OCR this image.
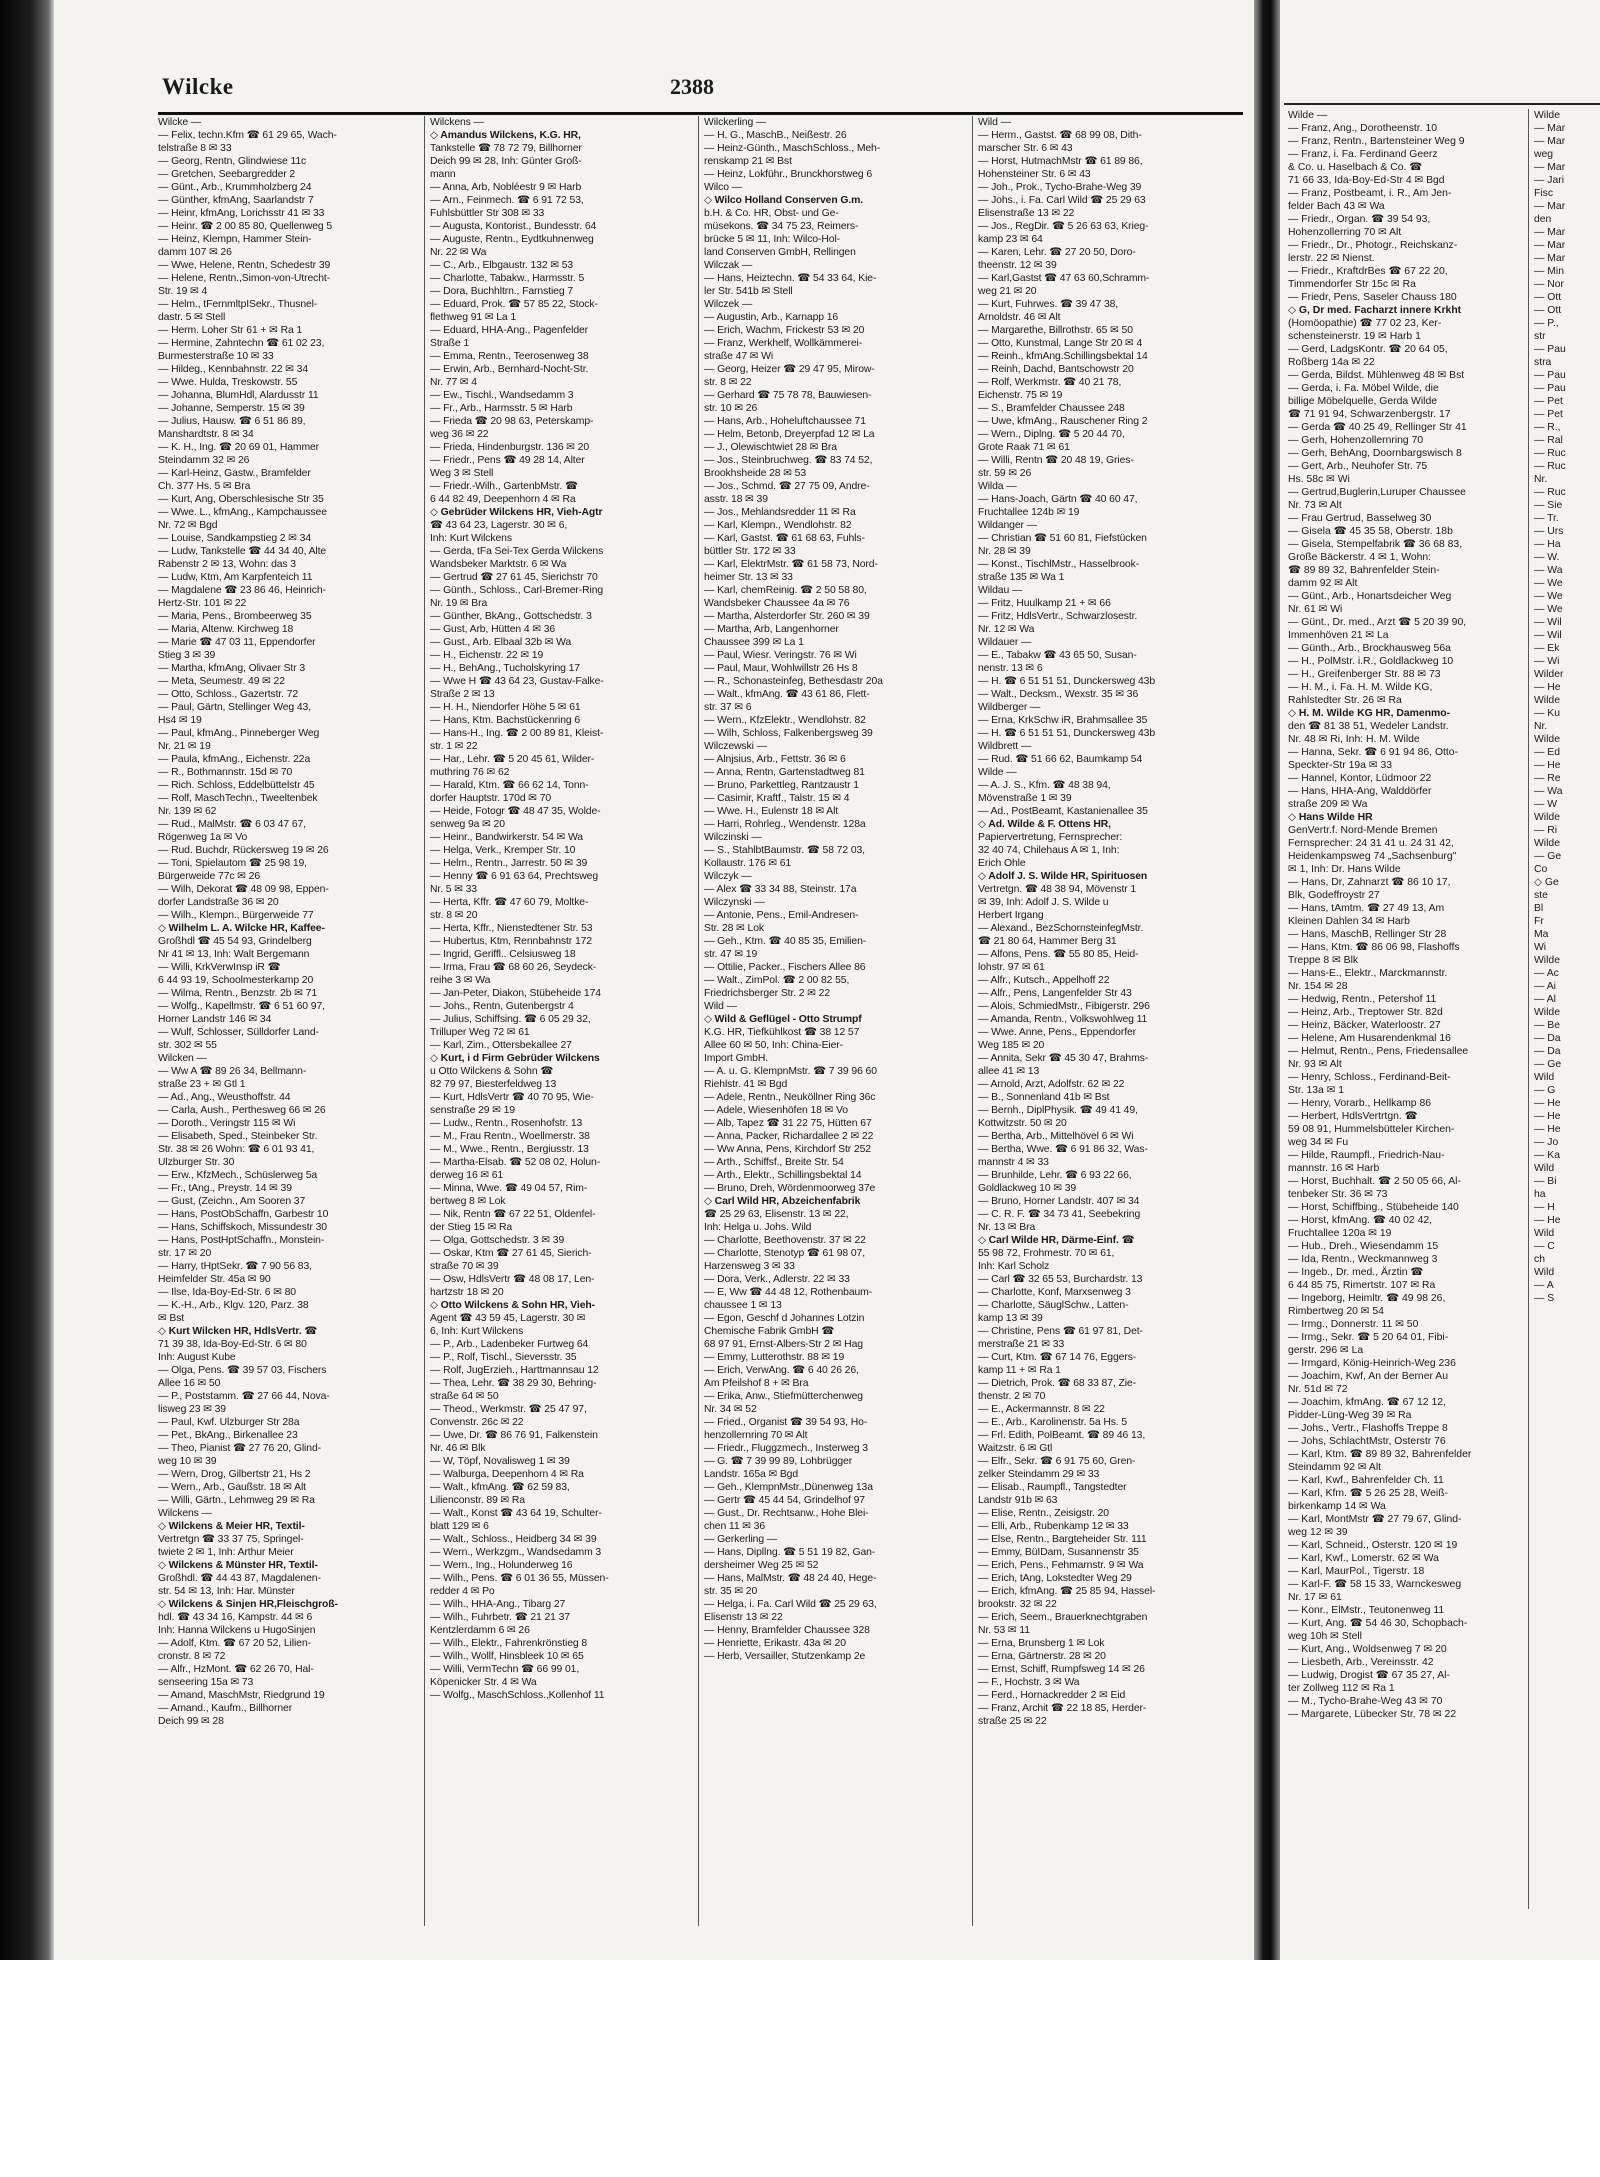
Wilcke	2388
Wilcke —
— Feliх, techn.Kfm ☎ 61 29 65, Wach-
telstraße 8 ✉ 33
— Georg, Rentn, Glindwiese 11c
— Gretchen, Seebargredder 2
— Günt., Arb., Krummholzberg 24
— Günther, kfmAng, Saarlandstr 7
— Heinr, kfmAng, Lorichsstr 41 ✉ 33
— Heinr. ☎ 2 00 85 80, Quellenweg 5
— Heinz, Klempn, Hammer Stein-
damm 107 ✉ 26
— Wwe, Helene, Rentn, Schedestr 39
— Helene, Rentn.,Simon-von-Utrecht-
Str. 19 ✉ 4
— Helm., tFernmltpISekr., Thusnel-
dastr. 5 ✉ Stell
— Herm. Loher Str 61 + ✉ Ra 1
— Hermine, Zahntechn ☎ 61 02 23,
Burmesterstraße 10 ✉ 33
— Hildeg., Kennbahnstr. 22 ✉ 34
— Wwe. Hulda, Treskowstr. 55
— Johanna, BlumHdl, Alardusstr 11
— Johanne, Semperstr. 15 ✉ 39
— Julius, Hausw. ☎ 6 51 86 89,
Manshardtstr. 8 ✉ 34
— K. H., Ing. ☎ 20 69 01, Hammer
Steindamm 32 ✉ 26
— Karl-Heinz, Gastw., Bramfelder
Ch. 377 Hs. 5 ✉ Bra
— Kurt, Ang, Oberschlesische Str 35
— Wwe. L., kfmAng., Kampchaussee
Nr. 72 ✉ Bgd
— Louise, Sandkampstieg 2 ✉ 34
— Ludw, Tankstelle ☎ 44 34 40, Alte
Rabenstr 2 ✉ 13, Wohn: das 3
— Ludw, Ktm, Am Karpfenteich 11
— Magdalene ☎ 23 86 46, Heinrich-
Hertz-Str. 101 ✉ 22
— Maria, Pens., Brombeerweg 35
— Maria, Altenw. Kirchweg 18
— Marie ☎ 47 03 11, Eppendorfer
Stieg 3 ✉ 39
— Martha, kfmAng, Olivaer Str 3
— Meta, Seumestr. 49 ✉ 22
— Otto, Schloss., Gazertstr. 72
— Paul, Gärtn, Stellinger Weg 43,
Hs4 ✉ 19
— Paul, kfmAng., Pinneberger Weg
Nr. 21 ✉ 19
— Paula, kfmAng., Eichenstr. 22a
— R., Bothmannstr. 15d ✉ 70
— Rich. Schloss, Eddelbüttelstr 45
— Rolf, MaschTechn., Tweeltenbek
Nr. 139 ✉ 62
— Rud., MalMstr. ☎ 6 03 47 67,
Rögenweg 1a ✉ Vo
— Rud. Buchdr, Rückersweg 19 ✉ 26
— Toni, Spielautom ☎ 25 98 19,
Bürgerweide 77c ✉ 26
— Wilh, Dekorat ☎ 48 09 98, Eppen-
dorfer Landstraße 36 ✉ 20
— Wilh., Klempn., Bürgerweide 77
◇ Wilhelm L. A. Wilcke HR, Kaffee-
Großhdl ☎ 45 54 93, Grindelberg
Nr 41 ✉ 13, Inh: Walt Bergemann
— Willi, KrkVerwInsp iR ☎
6 44 93 19, Schoolmesterkamp 20
— Wilma, Rentn., Benzstr. 2b ✉ 71
— Wolfg., Kapellmstr. ☎ 6 51 60 97,
Horner Landstr 146 ✉ 34
— Wulf, Schlosser, Sülldorfer Land-
str. 302 ✉ 55
Wilcken —
— Ww A ☎ 89 26 34, Bellmann-
straße 23 + ✉ Gtl 1
— Ad., Ang., Weusthoffstr. 44
— Carla, Aush., Perthesweg 66 ✉ 26
— Doroth., Veringstr 115 ✉ Wi
— Elisabeth, Sped., Steinbeker Str.
Str. 38 ✉ 26 Wohn: ☎ 6 01 93 41,
Ulzburger Str. 30
— Erw., KfzMech., Schüslerweg 5a
— Fr., tAng., Preystr. 14 ✉ 39
— Gust, (Zeichn., Am Sooren 37
— Hans, PostObSchaffn, Garbestr 10
— Hans, Schiffskoch, Missundestr 30
— Hans, PostHptSchaffn., Monstein-
str. 17 ✉ 20
— Harry, tHptSekr. ☎ 7 90 56 83,
Heimfelder Str. 45a ✉ 90
— Ilse, Ida-Boy-Ed-Str. 6 ✉ 80
— K.-H., Arb., Klgv. 120, Parz. 38
✉ Bst
◇ Kurt Wilcken HR, HdlsVertr. ☎
71 39 38, Ida-Boy-Ed-Str. 6 ✉ 80
Inh: August Kube
— Olga, Pens. ☎ 39 57 03, Fischers
Allee 16 ✉ 50
— P., Poststamm. ☎ 27 66 44, Nova-
lisweg 23 ✉ 39
— Paul, Kwf. Ulzburger Str 28a
— Pet., BkAng., Birkenallee 23
— Theo, Pianist ☎ 27 76 20, Glind-
weg 10 ✉ 39
— Wern, Drog, Gilbertstr 21, Hs 2
— Wern., Arb., Gaußstr. 18 ✉ Alt
— Willi, Gärtn., Lehmweg 29 ✉ Ra
Wilckens —
◇ Wilckens & Meier HR, Textil-
Vertretgn ☎ 33 37 75, Springel-
twiete 2 ✉ 1, Inh: Arthur Meier
◇ Wilckens & Münster HR, Textil-
Großhdl. ☎ 44 43 87, Magdalenen-
str. 54 ✉ 13, Inh: Har. Münster
◇ Wilckens & Sinjen HR,Fleischgroß-
hdl. ☎ 43 34 16, Kampstr. 44 ✉ 6
Inh: Hanna Wilckens u HugoSinjen
— Adolf, Ktm. ☎ 67 20 52, Lilien-
cronstr. 8 ✉ 72
— Alfr., HzMont. ☎ 62 26 70, Hal-
senseering 15a ✉ 73
— Amand, MaschMstr, Riedgrund 19
— Amand., Kaufm., Billhorner
Deich 99 ✉ 28
Wilckens —
◇ Amandus Wilckens, K.G. HR,
Tankstelle ☎ 78 72 79, Billhorner
Deich 99 ✉ 28, Inh: Günter Groß-
mann
— Anna, Arb, Nobléestr 9 ✉ Harb
— Arn., Feinmech. ☎ 6 91 72 53,
Fuhlsbüttler Str 308 ✉ 33
— Augusta, Kontorist., Bundesstr. 64
— Auguste, Rentn., Eydtkuhnenweg
Nr. 22 ✉ Wa
— C., Arb., Elbgaustr. 132 ✉ 53
— Charlotte, Tabakw., Harmsstr. 5
— Dora, Buchhltrn., Farnstieg 7
— Eduard, Prok. ☎ 57 85 22, Stock-
flethweg 91 ✉ La 1
— Eduard, HHA-Ang., Pagenfelder
Straße 1
— Emma, Rentn., Teerosenweg 38
— Erwin, Arb., Bernhard-Nocht-Str.
Nr. 77 ✉ 4
— Ew., Tischl., Wandsedamm 3
— Fr., Arb., Harmsstr. 5 ✉ Harb
— Frieda ☎ 20 98 63, Peterskamp-
weg 36 ✉ 22
— Frieda, Hindenburgstr. 136 ✉ 20
— Friedr., Pens ☎ 49 28 14, Alter
Weg 3 ✉ Stell
— Friedr.-Wilh., GartenbMstr. ☎
6 44 82 49, Deepenhorn 4 ✉ Ra
◇ Gebrüder Wilckens HR, Vieh-Agtr
☎ 43 64 23, Lagerstr. 30 ✉ 6,
Inh: Kurt Wilckens
— Gerda, tFa Sei-Tex Gerda Wilckens
Wandsbeker Marktstr. 6 ✉ Wa
— Gertrud ☎ 27 61 45, Sierichstr 70
— Günth., Schloss., Carl-Bremer-Ring
Nr. 19 ✉ Bra
— Günther, BkAng., Gottschedstr. 3
— Gust, Arb, Hütten 4 ✉ 36
— Gust., Arb. Elbaal 32b ✉ Wa
— H., Eichenstr. 22 ✉ 19
— H., BehAng., Tucholskyring 17
— Wwe H ☎ 43 64 23, Gustav-Falke-
Straße 2 ✉ 13
— H. H., Niendorfer Höhe 5 ✉ 61
— Hans, Ktm. Bachstückenring 6
— Hans-H., Ing. ☎ 2 00 89 81, Kleist-
str. 1 ✉ 22
— Har., Lehr. ☎ 5 20 45 61, Wilder-
muthring 76 ✉ 62
— Harald, Ktm. ☎ 66 62 14, Tonn-
dorfer Hauptstr. 170d ✉ 70
— Heide, Fotogr ☎ 48 47 35, Wolde-
senweg 9a ✉ 20
— Heinr., Bandwirkerstr. 54 ✉ Wa
— Helga, Verk., Kremper Str. 10
— Helm., Rentn., Jarrestr. 50 ✉ 39
— Henny ☎ 6 91 63 64, Prechtsweg
Nr. 5 ✉ 33
— Herta, Kffr. ☎ 47 60 79, Moltke-
str. 8 ✉ 20
— Herta, Kffr., Nienstedtener Str. 53
— Hubertus, Ktm, Rennbahnstr 172
— Ingrid, Geriffl.. Celsiusweg 18
— Irma, Frau ☎ 68 60 26, Seydeck-
reihe 3 ✉ Wa
— Jan-Peter, Diakon, Stübeheide 174
— Johs., Rentn, Gutenbergstr 4
— Julius, Schiffsing. ☎ 6 05 29 32,
Trilluper Weg 72 ✉ 61
— Karl, Zim., Ottersbekallee 27
◇ Kurt, i d Firm Gebrüder Wilckens
u Otto Wilckens & Sohn ☎
82 79 97, Biesterfeldweg 13
— Kurt, HdlsVertr ☎ 40 70 95, Wie-
senstraße 29 ✉ 19
— Ludw., Rentn., Rosenhofstr. 13
— M., Frau Rentn., Woellmerstr. 38
— M., Wwe., Rentn., Bergiusstr. 13
— Martha-Elsab. ☎ 52 08 02, Holun-
derweg 16 ✉ 61
— Minna, Wwe. ☎ 49 04 57, Rim-
bertweg 8 ✉ Lok
— Nik, Rentn ☎ 67 22 51, Oldenfel-
der Stieg 15 ✉ Ra
— Olga, Gottschedstr. 3 ✉ 39
— Oskar, Ktm ☎ 27 61 45, Sierich-
straße 70 ✉ 39
— Osw, HdlsVertr ☎ 48 08 17, Len-
hartzstr 18 ✉ 20
◇ Otto Wilckens & Sohn HR, Vieh-
Agent ☎ 43 59 45, Lagerstr. 30 ✉
6, Inh: Kurt Wilckens
— P., Arb., Ladenbeker Furtweg 64
— P., Rolf, Tischl., Sieversstr. 35
— Rolf, JugErzieh., Harttmannsau 12
— Thea, Lehr. ☎ 38 29 30, Behring-
straße 64 ✉ 50
— Theod., Werkmstr. ☎ 25 47 97,
Convenstr. 26c ✉ 22
— Uwe, Dr. ☎ 86 76 91, Falkenstein
Nr. 46 ✉ Blk
— W, Töpf, Novalisweg 1 ✉ 39
— Walburga, Deepenhorn 4 ✉ Ra
— Walt., kfmAng. ☎ 62 59 83,
Lilienconstr. 89 ✉ Ra
— Walt., Konst ☎ 43 64 19, Schulter-
blatt 129 ✉ 6
— Walt., Schloss., Heidberg 34 ✉ 39
— Wern., Werkzgm., Wandsedamm 3
— Wern., Ing., Holunderweg 16
— Wilh., Pens. ☎ 6 01 36 55, Müssen-
redder 4 ✉ Po
— Wilh., HHA-Ang., Tibarg 27
— Wilh., Fuhrbetr. ☎ 21 21 37
Kentzlerdamm 6 ✉ 26
— Wilh., Elektr., Fahrenkrönstieg 8
— Wilh., Wollf, Hinsbleek 10 ✉ 65
— Willi, VermTechn ☎ 66 99 01,
Köpenicker Str. 4 ✉ Wa
— Wolfg., MaschSchloss.,Kollenhof 11
Wilckerling —
— H. G., MaschB., Neißestr. 26
— Heinz-Günth., MaschSchloss., Meh-
renskamp 21 ✉ Bst
— Heinz, Lokführ., Brunckhorstweg 6
Wilco —
◇ Wilco Holland Conserven G.m.
b.H. & Co. HR, Obst- und Ge-
müsekons. ☎ 34 75 23, Reimers-
brücke 5 ✉ 11, Inh: Wilco-Hol-
land Conserven GmbH, Rellingen
Wilczak —
— Hans, Heiztechn. ☎ 54 33 64, Kie-
ler Str. 541b ✉ Stell
Wilczek —
— Augustin, Arb., Karnapp 16
— Erich, Wachm, Frickestr 53 ✉ 20
— Franz, Werkhelf, Wollkämmerei-
straße 47 ✉ Wi
— Georg, Heizer ☎ 29 47 95, Mirow-
str. 8 ✉ 22
— Gerhard ☎ 75 78 78, Bauwiesen-
str. 10 ✉ 26
— Hans, Arb., Hoheluftchaussee 71
— Helm, Betonb, Dreyerpfad 12 ✉ La
— J., Olewischtwiet 28 ✉ Bra
— Jos., Steinbruchweg. ☎ 83 74 52,
Brookhsheide 28 ✉ 53
— Jos., Schmd. ☎ 27 75 09, Andre-
asstr. 18 ✉ 39
— Jos., Mehlandsredder 11 ✉ Ra
— Karl, Klempn., Wendlohstr. 82
— Karl, Gastst. ☎ 61 68 63, Fuhls-
büttler Str. 172 ✉ 33
— Karl, ElektrMstr. ☎ 61 58 73, Nord-
heimer Str. 13 ✉ 33
— Karl, chemReinig. ☎ 2 50 58 80,
Wandsbeker Chaussee 4a ✉ 76
— Martha, Alsterdorfer Str. 260 ✉ 39
— Martha, Arb, Langenhorner
Chaussee 399 ✉ La 1
— Paul, Wiesr. Veringstr. 76 ✉ Wi
— Paul, Maur, Wohlwillstr 26 Hs 8
— R., Schonasteinfeg, Bethesdastr 20a
— Walt., kfmAng. ☎ 43 61 86, Flett-
str. 37 ✉ 6
— Wern., KfzElektr., Wendlohstr. 82
— Wilh, Schloss, Falkenbergsweg 39
Wilczewski —
— Alnjsius, Arb., Fettstr. 36 ✉ 6
— Anna, Rentn, Gartenstadtweg 81
— Bruno, Parkettleg, Rantzaustr 1
— Casimir, Kraftf., Talstr. 15 ✉ 4
— Wwe. H., Eulenstr 18 ✉ Alt
— Harri, Rohrleg., Wendenstr. 128a
Wilczinski —
— S., StahlbtBaumstr. ☎ 58 72 03,
Kollaustr. 176 ✉ 61
Wilczyk —
— Alex ☎ 33 34 88, Steinstr. 17a
Wilczynski —
— Antonie, Pens., Emil-Andresen-
Str. 28 ✉ Lok
— Geh., Ktm. ☎ 40 85 35, Emilien-
str. 47 ✉ 19
— Ottilie, Packer., Fischers Allee 86
— Walt., ZimPol. ☎ 2 00 82 55,
Friedrichsberger Str. 2 ✉ 22
Wild —
◇ Wild & Geflügel - Otto Strumpf
K.G. HR, Tiefkühlkost ☎ 38 12 57
Allee 60 ✉ 50, Inh: China-Eier-
Import GmbH.
— A. u. G. KlempnMstr. ☎ 7 39 96 60
Riehlstr. 41 ✉ Bgd
— Adele, Rentn., Neuköllner Ring 36c
— Adele, Wiesenhöfen 18 ✉ Vo
— Alb, Tapez ☎ 31 22 75, Hütten 67
— Anna, Packer, Richardallee 2 ✉ 22
— Ww Anna, Pens, Kirchdorf Str 252
— Arth., Schiffsf., Breite Str. 54
— Arth., Elektr., Schillingsbektal 14
— Bruno, Dreh, Wördenmoorweg 37e
◇ Carl Wild HR, Abzeichenfabrik
☎ 25 29 63, Elisenstr. 13 ✉ 22,
Inh: Helga u. Johs. Wild
— Charlotte, Beethovenstr. 37 ✉ 22
— Charlotte, Stenotyp ☎ 61 98 07,
Harzensweg 3 ✉ 33
— Dora, Verk., Adlerstr. 22 ✉ 33
— E, Ww ☎ 44 48 12, Rothenbaum-
chaussee 1 ✉ 13
— Egon, Geschf d Johannes Lotzin
Chemische Fabrik GmbH ☎
68 97 91, Ernst-Albers-Str 2 ✉ Hag
— Emmy, Lutterothstr. 88 ✉ 19
— Erich, VerwAng. ☎ 6 40 26 26,
Am Pfeilshof 8 + ✉ Bra
— Erika, Anw., Stiefmütterchenweg
Nr. 34 ✉ 52
— Fried., Organist ☎ 39 54 93, Ho-
henzollernring 70 ✉ Alt
— Friedr., Fluggzmech., Insterweg 3
— G. ☎ 7 39 99 89, Lohbrügger
Landstr. 165a ✉ Bgd
— Geh., KlempnMstr.,Dünenweg 13a
— Gertr ☎ 45 44 54, Grindelhof 97
— Gust., Dr. Rechtsanw., Hohe Blei-
chen 11 ✉ 36
— Gerkerling —
— Hans, Dipllng. ☎ 5 51 19 82, Gan-
dersheimer Weg 25 ✉ 52
— Hans, MalMstr. ☎ 48 24 40, Hege-
str. 35 ✉ 20
— Helga, i. Fa. Carl Wild ☎ 25 29 63,
Elisenstr 13 ✉ 22
— Henny, Bramfelder Chaussee 328
— Henriette, Erikastr. 43a ✉ 20
— Herb, Versailler, Stutzenkamp 2e
Wild —
— Herm., Gastst. ☎ 68 99 08, Dith-
marscher Str. 6 ✉ 43
— Horst, HutmachMstr ☎ 61 89 86,
Hohensteiner Str. 6 ✉ 43
— Joh., Prok., Tycho-Brahe-Weg 39
— Johs., i. Fa. Carl Wild ☎ 25 29 63
Elisenstraße 13 ✉ 22
— Jos., RegDir. ☎ 5 26 63 63, Krieg-
kamp 23 ✉ 64
— Karen, Lehr. ☎ 27 20 50, Doro-
theenstr. 12 ✉ 39
— Karl,Gastst ☎ 47 63 60,Schramm-
weg 21 ✉ 20
— Kurt, Fuhrwes. ☎ 39 47 38,
Arnoldstr. 46 ✉ Alt
— Margarethe, Billrothstr. 65 ✉ 50
— Otto, Kunstmal, Lange Str 20 ✉ 4
— Reinh., kfmAng.Schillingsbektal 14
— Reinh, Dachd, Bantschowstr 20
— Rolf, Werkmstr. ☎ 40 21 78,
Eichenstr. 75 ✉ 19
— S., Bramfelder Chaussee 248
— Uwe, kfmAng., Rauschener Ring 2
— Wern., Diplng. ☎ 5 20 44 70,
Grote Raak 71 ✉ 61
— Willi, Rentn ☎ 20 48 19, Gries-
str. 59 ✉ 26
Wilda —
— Hans-Joach, Gärtn ☎ 40 60 47,
Fruchtallee 124b ✉ 19
Wildanger —
— Christian ☎ 51 60 81, Fiefstücken
Nr. 28 ✉ 39
— Konst., TischlMstr., Hasselbrook-
straße 135 ✉ Wa 1
Wildau —
— Fritz, Huulkamp 21 + ✉ 66
— Fritz, HdlsVertr., Schwarzlosestr.
Nr. 12 ✉ Wa
Wildauer —
— E., Tabakw ☎ 43 65 50, Susan-
nenstr. 13 ✉ 6
— H. ☎ 6 51 51 51, Dunckersweg 43b
— Walt., Decksm., Wexstr. 35 ✉ 36
Wildberger —
— Erna, KrkSchw iR, Brahmsallee 35
— H. ☎ 6 51 51 51, Dunckersweg 43b
Wildbrett —
— Rud. ☎ 51 66 62, Baumkamp 54
Wilde —
— A. J. S., Kfm. ☎ 48 38 94,
Mövenstraße 1 ✉ 39
— Ad., PostBeamt, Kastanienallee 35
◇ Ad. Wilde & F. Ottens HR,
Papiervertretung, Fernsprecher:
32 40 74, Chilehaus A ✉ 1, Inh:
Erich Ohle
◇ Adolf J. S. Wilde HR, Spirituosen
Vertretgn. ☎ 48 38 94, Mövenstr 1
✉ 39, Inh: Adolf J. S. Wilde u
Herbert Irgang
— Alexand., BezSchornsteinfegMstr.
☎ 21 80 64, Hammer Berg 31
— Alfons, Pens. ☎ 55 80 85, Heid-
lohstr. 97 ✉ 61
— Alfr., Kutsch., Appelhoff 22
— Alfr., Pens, Langenfelder Str 43
— Alois, SchmiedMstr., Fibigerstr. 296
— Amanda, Rentn., Volkswohlweg 11
— Wwe. Anne, Pens., Eppendorfer
Weg 185 ✉ 20
— Annita, Sekr ☎ 45 30 47, Brahms-
allee 41 ✉ 13
— Arnold, Arzt, Adolfstr. 62 ✉ 22
— B., Sonnenland 41b ✉ Bst
— Bernh., DiplPhysik. ☎ 49 41 49,
Kottwitzstr. 50 ✉ 20
— Bertha, Arb., Mittelhövel 6 ✉ Wi
— Bertha, Wwe. ☎ 6 91 86 32, Was-
mannstr 4 ✉ 33
— Brunhilde, Lehr. ☎ 6 93 22 66,
Goldlackweg 10 ✉ 39
— Bruno, Horner Landstr. 407 ✉ 34
— C. R. F. ☎ 34 73 41, Seebekring
Nr. 13 ✉ Bra
◇ Carl Wilde HR, Därme-Einf. ☎
55 98 72, Frohmestr. 70 ✉ 61,
Inh: Karl Scholz
— Carl ☎ 32 65 53, Burchardstr. 13
— Charlotte, Konf, Marxsenweg 3
— Charlotte, SäuglSchw., Latten-
kamp 13 ✉ 39
— Christine, Pens ☎ 61 97 81, Det-
merstraße 21 ✉ 33
— Curt, Ktm. ☎ 67 14 76, Eggers-
kamp 11 + ✉ Ra 1
— Dietrich, Prok. ☎ 68 33 87, Zie-
thenstr. 2 ✉ 70
— E., Ackermannstr. 8 ✉ 22
— E., Arb., Karolinenstr. 5a Hs. 5
— Frl. Edith, PolBeamt. ☎ 89 46 13,
Waitzstr. 6 ✉ Gtl
— Elfr., Sekr. ☎ 6 91 75 60, Gren-
zelker Steindamm 29 ✉ 33
— Elisab., Raumpfl., Tangstedter
Landstr 91b ✉ 63
— Elise, Rentn., Zeisigstr. 20
— Elli, Arb., Rubenkamp 12 ✉ 33
— Else, Rentn., Bargteheider Str. 111
— Emmy, BüIDam, Susannenstr 35
— Erich, Pens., Fehmarnstr. 9 ✉ Wa
— Erich, tAng, Lokstedter Weg 29
— Erich, kfmAng. ☎ 25 85 94, Hassel-
brookstr. 32 ✉ 22
— Erich, Seem., Brauerknechtgraben
Nr. 53 ✉ 11
— Erna, Brunsberg 1 ✉ Lok
— Erna, Gärtnerstr. 28 ✉ 20
— Ernst, Schiff, Rumpfsweg 14 ✉ 26
— F., Hochstr. 3 ✉ Wa
— Ferd., Hornackredder 2 ✉ Eid
— Franz, Archit ☎ 22 18 85, Herder-
straße 25 ✉ 22
Wilde —
— Franz, Ang., Dorotheenstr. 10
— Franz, Rentn., Bartensteiner Weg 9
— Franz, i. Fa. Ferdinand Geerz
& Co. u. Haselbach & Co. ☎
71 66 33, Ida-Boy-Ed-Str 4 ✉ Bgd
— Franz, Postbeamt, i. R., Am Jen-
felder Bach 43 ✉ Wa
— Friedr., Organ. ☎ 39 54 93,
Hohenzollerring 70 ✉ Alt
— Friedr., Dr., Photogr., Reichskanz-
lerstr. 22 ✉ Nienst.
— Friedr., KraftdrBes ☎ 67 22 20,
Timmendorfer Str 15c ✉ Ra
— Friedr, Pens, Saseler Chauss 180
◇ G, Dr med. Facharzt innere Krkht
(Homöopathie) ☎ 77 02 23, Ker-
schensteinerstr. 19 ✉ Harb 1
— Gerd, LadgsKontr. ☎ 20 64 05,
Roßberg 14a ✉ 22
— Gerda, Bildst. Mühlenweg 48 ✉ Bst
— Gerda, i. Fa. Möbel Wilde, die
billige Möbelquelle, Gerda Wilde
☎ 71 91 94, Schwarzenbergstr. 17
— Gerda ☎ 40 25 49, Rellinger Str 41
— Gerh, Hohenzollernring 70
— Gerh, BehAng, Doornbargswisch 8
— Gert, Arb., Neuhofer Str. 75
Hs. 58c ✉ Wi
— Gertrud,Buglerin,Luruper Chaussee
Nr. 73 ✉ Alt
— Frau Gertrud, Basselweg 30
— Gisela ☎ 45 35 58, Oberstr. 18b
— Gisela, Stempelfabrik ☎ 36 68 83,
Große Bäckerstr. 4 ✉ 1, Wohn:
☎ 89 89 32, Bahrenfelder Stein-
damm 92 ✉ Alt
— Günt., Arb., Honartsdeicher Weg
Nr. 61 ✉ Wi
— Günt., Dr. med., Arzt ☎ 5 20 39 90,
Immenhöven 21 ✉ La
— Günth., Arb., Brockhausweg 56a
— H., PolMstr. i.R., Goldlackweg 10
— H., Greifenberger Str. 88 ✉ 73
— H. M., i. Fa. H. M. Wilde KG,
Rahlstedter Str. 26 ✉ Ra
◇ H. M. Wilde KG HR, Damenmo-
den ☎ 81 38 51, Wedeler Landstr.
Nr. 48 ✉ Ri, Inh: H. M. Wilde
— Hanna, Sekr. ☎ 6 91 94 86, Otto-
Speckter-Str 19a ✉ 33
— Hannel, Kontor, Lüdmoor 22
— Hans, HHA-Ang, Walddörfer
straße 209 ✉ Wa
◇ Hans Wilde HR
GenVertr.f. Nord-Mende Bremen
Fernsprecher: 24 31 41 u. 24 31 42,
Heidenkampsweg 74 „Sachsenburg"
✉ 1, Inh: Dr. Hans Wilde
— Hans, Dr, Zahnarzt ☎ 86 10 17,
Blk, Godeffroystr 27
— Hans, tAmtm. ☎ 27 49 13, Am
Kleinen Dahlen 34 ✉ Harb
— Hans, MaschB, Rellinger Str 28
— Hans, Ktm. ☎ 86 06 98, Flashoffs
Treppe 8 ✉ Blk
— Hans-E., Elektr., Marckmannstr.
Nr. 154 ✉ 28
— Hedwig, Rentn., Petershof 11
— Heinz, Arb., Treptower Str. 82d
— Heinz, Bäcker, Waterloostr. 27
— Helene, Am Husarendenkmal 16
— Helmut, Rentn., Pens, Friedensallee
Nr. 93 ✉ Alt
— Henry, Schloss., Ferdinand-Beit-
Str. 13a ✉ 1
— Henry, Vorarb., Hellkamp 86
— Herbert, HdlsVertrtgn. ☎
59 08 91, Hummelsbütteler Kirchen-
weg 34 ✉ Fu
— Hilde, Raumpfl., Friedrich-Nau-
mannstr. 16 ✉ Harb
— Horst, Buchhalt. ☎ 2 50 05 66, Al-
tenbeker Str. 36 ✉ 73
— Horst, Schiffbing., Stübeheide 140
— Horst, kfmAng. ☎ 40 02 42,
Fruchtallee 120a ✉ 19
— Hub., Dreh., Wiesendamm 15
— Ida, Rentn., Weckmannweg 3
— Ingeb., Dr. med., Ärztin ☎
6 44 85 75, Rimertstr. 107 ✉ Ra
— Ingeborg, Heimltr. ☎ 49 98 26,
Rimbertweg 20 ✉ 54
— Irmg., Donnerstr. 11 ✉ 50
— Irmg., Sekr. ☎ 5 20 64 01, Fibi-
gerstr. 296 ✉ La
— Irmgard, König-Heinrich-Weg 236
— Joachim, Kwf, An der Berner Au
Nr. 51d ✉ 72
— Joachim, kfmAng. ☎ 67 12 12,
Pidder-Lüng-Weg 39 ✉ Ra
— Johs., Vertr., Flashoffs Treppe 8
— Johs, SchlachtMstr, Osterstr 76
— Karl, Ktm. ☎ 89 89 32, Bahrenfelder
Steindamm 92 ✉ Alt
— Karl, Kwf., Bahrenfelder Ch. 11
— Karl, Kfm. ☎ 5 26 25 28, Weiß-
birkenkamp 14 ✉ Wa
— Karl, MontMstr ☎ 27 79 67, Glind-
weg 12 ✉ 39
— Karl, Schneid., Osterstr. 120 ✉ 19
— Karl, Kwf., Lomerstr. 62 ✉ Wa
— Karl, MaurPol., Tigerstr. 18
— Karl-F. ☎ 58 15 33, Warnckesweg
Nr. 17 ✉ 61
— Konr., ElMstr., Teutonenweg 11
— Kurt, Ang. ☎ 54 46 30, Schopbach-
weg 10h ✉ Stell
— Kurt, Ang., Woldsenweg 7 ✉ 20
— Liesbeth, Arb., Vereinsstr. 42
— Ludwig, Drogist ☎ 67 35 27, Al-
ter Zollweg 112 ✉ Ra 1
— M., Tycho-Brahe-Weg 43 ✉ 70
— Margarete, Lübecker Str. 78 ✉ 22
Wilde
— Mar
— Mar
weg
— Mar
— Jari
Fisc
— Mar
den
— Mar
— Mar
— Mar
— Min
— Nor
— Ott
— Ott
— P.,
str
— Pau
stra
— Pau
— Pau
— Pet
— Pet
— R.,
— Ral
— Ruc
— Ruc
Nr.
— Ruc
— Sie
— Tr.
— Urs
— Ha
— W.
— Wa
— We
— We
— We
— Wil
— Wil
— Ek
— Wi
Wilder
— He
Wilde
— Ku
Nr.
Wilde
— Ed
— He
— Re
— Wa
— W
Wilde
— Ri
Wilde
— Ge
Co
◇ Ge
ste
Bl
Fr
Ma
Wi
Wilde
— Ac
— Ai
— Al
Wilde
— Be
— Da
— Da
— Ge
Wild
— G
— He
— He
— He
— Jo
— Ka
Wild
— Bi
ha
— H
— He
Wild
— C
ch
Wild
— A
— S
